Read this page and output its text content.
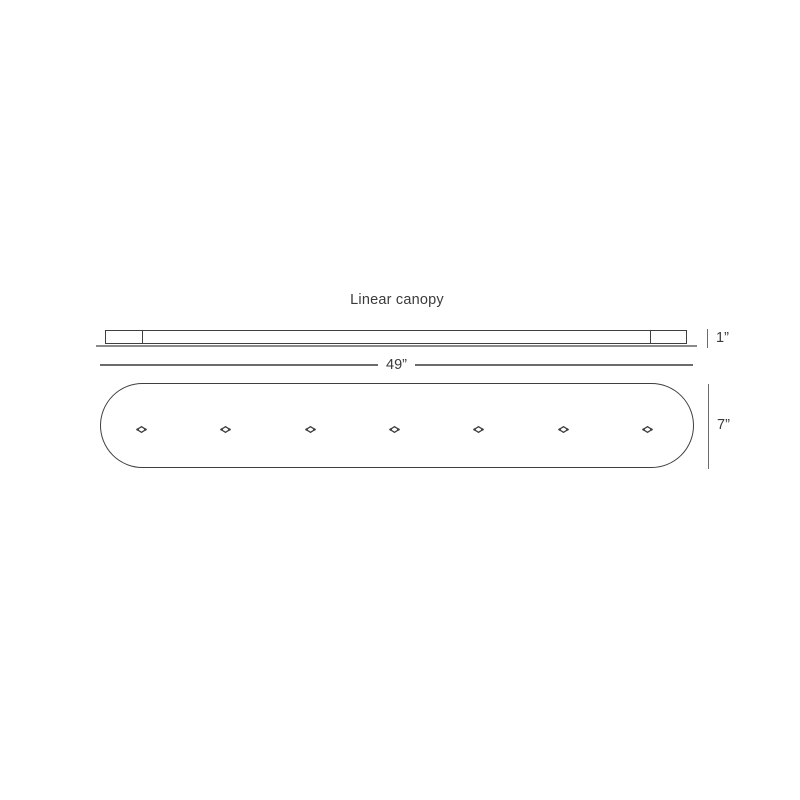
Linear canopy
1”
49”
7”
